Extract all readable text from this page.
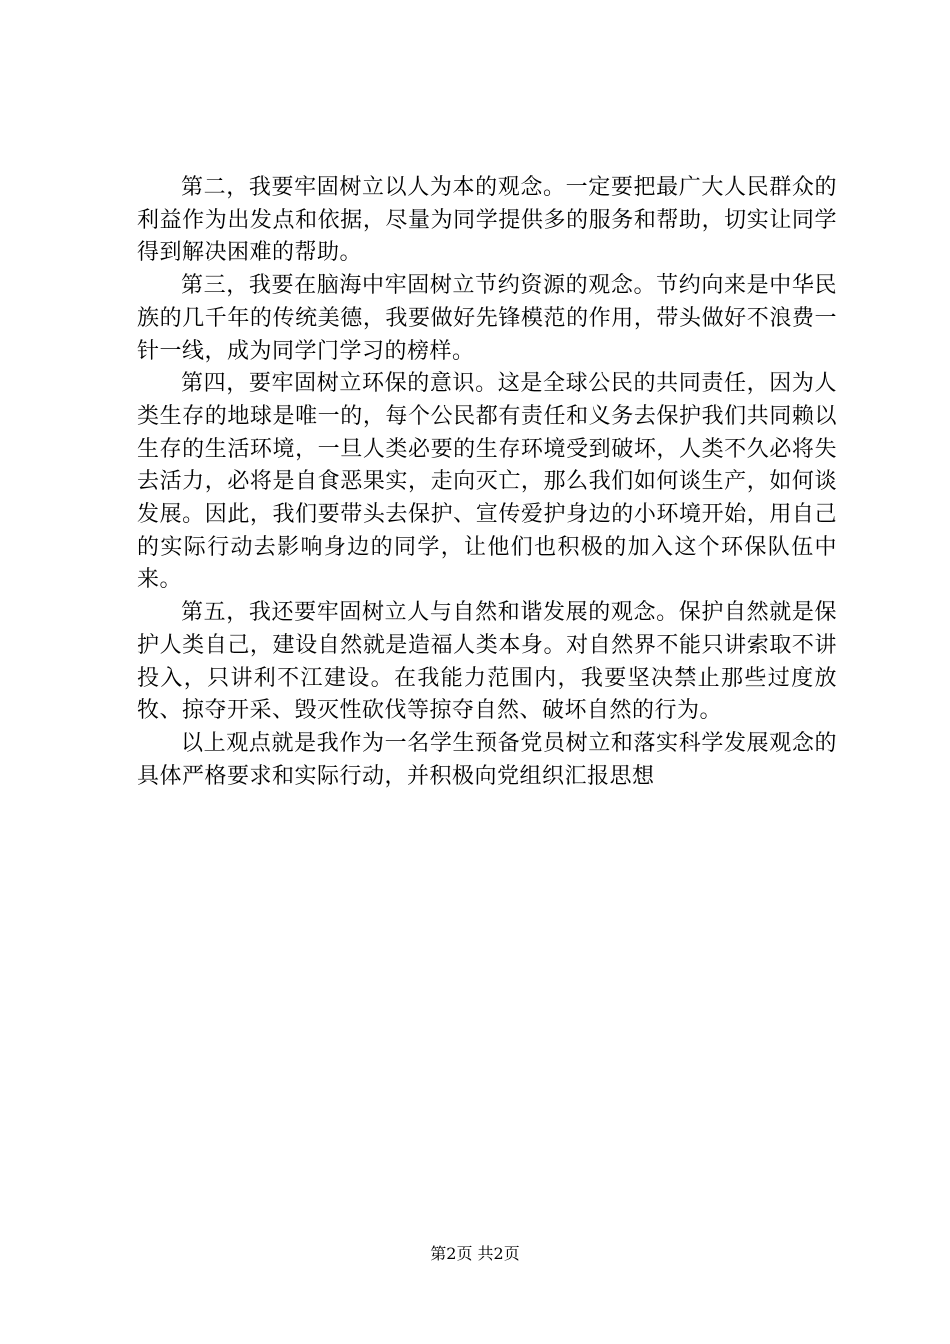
第二，我要牢固树立以人为本的观念。一定要把最广大人民群众的利益作为出发点和依据，尽量为同学提供多的服务和帮助，切实让同学得到解决困难的帮助。

第三，我要在脑海中牢固树立节约资源的观念。节约向来是中华民族的几千年的传统美德，我要做好先锋模范的作用，带头做好不浪费一针一线，成为同学门学习的榜样。

第四，要牢固树立环保的意识。这是全球公民的共同责任，因为人类生存的地球是唯一的，每个公民都有责任和义务去保护我们共同赖以生存的生活环境，一旦人类必要的生存环境受到破坏，人类不久必将失去活力，必将是自食恶果实，走向灭亡，那么我们如何谈生产，如何谈发展。因此，我们要带头去保护、宣传爱护身边的小环境开始，用自己的实际行动去影响身边的同学，让他们也积极的加入这个环保队伍中来。

第五，我还要牢固树立人与自然和谐发展的观念。保护自然就是保护人类自己，建设自然就是造福人类本身。对自然界不能只讲索取不讲投入，只讲利不江建设。在我能力范围内，我要坚决禁止那些过度放牧、掠夺开采、毁灭性砍伐等掠夺自然、破坏自然的行为。

以上观点就是我作为一名学生预备党员树立和落实科学发展观念的具体严格要求和实际行动，并积极向党组织汇报思想

第2页 共2页
